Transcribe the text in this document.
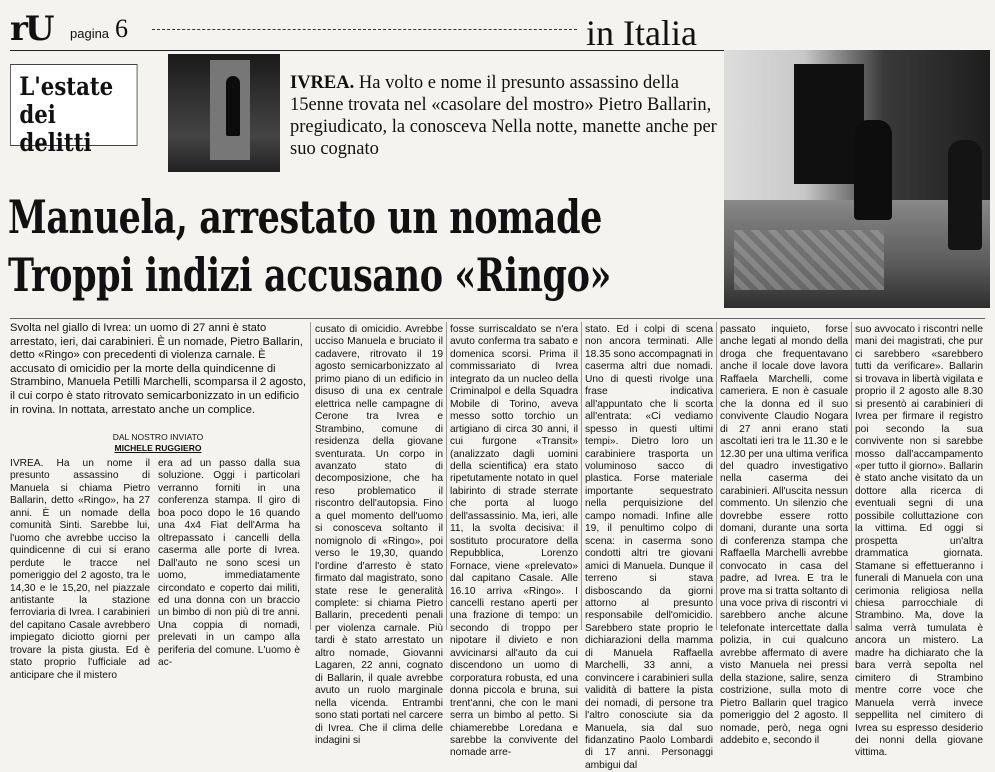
rU pagina 6	in Italia
L'estate dei delitti
IVREA. Ha volto e nome il presunto assassino della 15enne trovata nel «casolare del mostro» Pietro Ballarin, pregiudicato, la conosceva Nella notte, manette anche per suo cognato
Manuela, arrestato un nomade
Troppi indizi accusano «Ringo»
Svolta nel giallo di Ivrea: un uomo di 27 anni è stato arrestato, ieri, dai carabinieri. È un nomade, Pietro Ballarin, detto «Ringo» con precedenti di violenza carnale. È accusato di omicidio per la morte della quindicenne di Strambino, Manuela Petilli Marchelli, scomparsa il 2 agosto, il cui corpo è stato ritrovato semicarbonizzato in un edificio in rovina. In nottata, arrestato anche un complice.
DAL NOSTRO INVIATO
MICHELE RUGGIERO
IVREA. Ha un nome il presunto assassino di Manuela si chiama Pietro Ballarin, detto «Ringo», ha 27 anni. È un nomade della comunità Sinti. Sarebbe lui, l'uomo che avrebbe ucciso la quindicenne di cui si erano perdute le tracce nel pomeriggio del 2 agosto, tra le 14,30 e le 15,20, nel piazzale antistante la stazione ferroviaria di Ivrea. I carabinieri del capitano Casale avrebbero impiegato diciotto giorni per trovare la pista giusta. Ed è stato proprio l'ufficiale ad anticipare che il mistero
era ad un passo dalla sua soluzione. Oggi i particolari verranno forniti in una conferenza stampa. Il giro di boa poco dopo le 16 quando una 4x4 Fiat dell'Arma ha oltrepassato i cancelli della caserma alle porte di Ivrea. Dall'auto ne sono scesi un uomo, immediatamente circondato e coperto dai militi, ed una donna con un braccio un bimbo di non più di tre anni. Una coppia di nomadi, prelevati in un campo alla periferia del comune. L'uomo è ac-
cusato di omicidio. Avrebbe ucciso Manuela e bruciato il cadavere, ritrovato il 19 agosto semicarbonizzato al primo piano di un edificio in disuso di una ex centrale elettrica nelle campagne di Cerone tra Ivrea e Strambino, comune di residenza della giovane sventurata. Un corpo in avanzato stato di decomposizione, che ha reso problematico il riscontro dell'autopsia. Fino a quel momento dell'uomo si conosceva soltanto il nomignolo di «Ringo», poi verso le 19,30, quando l'ordine d'arresto è stato firmato dal magistrato, sono state rese le generalità complete: si chiama Pietro Ballarin, precedenti penali per violenza carnale. Più tardi è stato arrestato un altro nomade, Giovanni Lagaren, 22 anni, cognato di Ballarin, il quale avrebbe avuto un ruolo marginale nella vicenda. Entrambi sono stati portati nel carcere di Ivrea. Che il clima delle indagini si
fosse surriscaldato se n'era avuto conferma tra sabato e domenica scorsi. Prima il commissariato di Ivrea integrato da un nucleo della Criminalpol e della Squadra Mobile di Torino, aveva messo sotto torchio un artigiano di circa 30 anni, il cui furgone «Transit» (analizzato dagli uomini della scientifica) era stato ripetutamente notato in quel labirinto di strade sterrate che porta al luogo dell'assassinio. Ma, ieri, alle 11, la svolta decisiva: il sostituto procuratore della Repubblica, Lorenzo Fornace, viene «prelevato» dal capitano Casale. Alle 16.10 arriva «Ringo». I cancelli restano aperti per una frazione di tempo: un secondo di troppo per nipotare il divieto e non avvicinarsi all'auto da cui discendono un uomo di corporatura robusta, ed una donna piccola e bruna, sui trent'anni, che con le mani serra un bimbo al petto. Si chiamerebbe Loredana e sarebbe la convivente del nomade arre-
stato. Ed i colpi di scena non ancora terminati. Alle 18.35 sono accompagnati in caserma altri due nomadi. Uno di questi rivolge una frase indicativa all'appuntato che li scorta all'entrata: «Ci vediamo spesso in questi ultimi tempi». Dietro loro un carabiniere trasporta un voluminoso sacco di plastica. Forse materiale importante sequestrato nella perquisizione del campo nomadi. Infine alle 19, il penultimo colpo di scena: in caserma sono condotti altri tre giovani amici di Manuela. Dunque il terreno si stava disboscando da giorni attorno al presunto responsabile dell'omicidio. Sarebbero state proprio le dichiarazioni della mamma di Manuela Raffaella Marchelli, 33 anni, a convincere i carabinieri sulla validità di battere la pista dei nomadi, di persone tra l'altro conosciute sia da Manuela, sia dal suo fidanzatino Paolo Lombardi di 17 anni. Personaggi ambigui dal
passato inquieto, forse anche legati al mondo della droga che frequentavano anche il locale dove lavora Raffaela Marchelli, come cameriera. E non è casuale che la donna ed il suo convivente Claudio Nogara di 27 anni erano stati ascoltati ieri tra le 11.30 e le 12.30 per una ultima verifica del quadro investigativo nella caserma dei carabinieri. All'uscita nessun commento. Un silenzio che dovrebbe essere rotto domani, durante una sorta di conferenza stampa che Raffaella Marchelli avrebbe convocato in casa del padre, ad Ivrea. E tra le prove ma si tratta soltanto di una voce priva di riscontri vi sarebbero anche alcune telefonate intercettate dalla polizia, in cui qualcuno avrebbe affermato di avere visto Manuela nei pressi della stazione, salire, senza costrizione, sulla moto di Pietro Ballarin quel tragico pomeriggio del 2 agosto. Il nomade, però, nega ogni addebito e, secondo il
suo avvocato i riscontri nelle mani dei magistrati, che pur ci sarebbero «sarebbero tutti da verificare». Ballarin si trovava in libertà vigilata e proprio il 2 agosto alle 8.30 si presentò ai carabinieri di Ivrea per firmare il registro poi secondo la sua convivente non si sarebbe mosso dall'accampamento «per tutto il giorno». Ballarin è stato anche visitato da un dottore alla ricerca di eventuali segni di una possibile colluttazione con la vittima. Ed oggi si prospetta un'altra drammatica giornata. Stamane si effettueranno i funerali di Manuela con una cerimonia religiosa nella chiesa parrocchiale di Strambino. Ma, dove la salma verrà tumulata è ancora un mistero. La madre ha dichiarato che la bara verrà sepolta nel cimitero di Strambino mentre corre voce che Manuela verrà invece seppellita nel cimitero di Ivrea su espresso desiderio dei nonni della giovane vittima.
